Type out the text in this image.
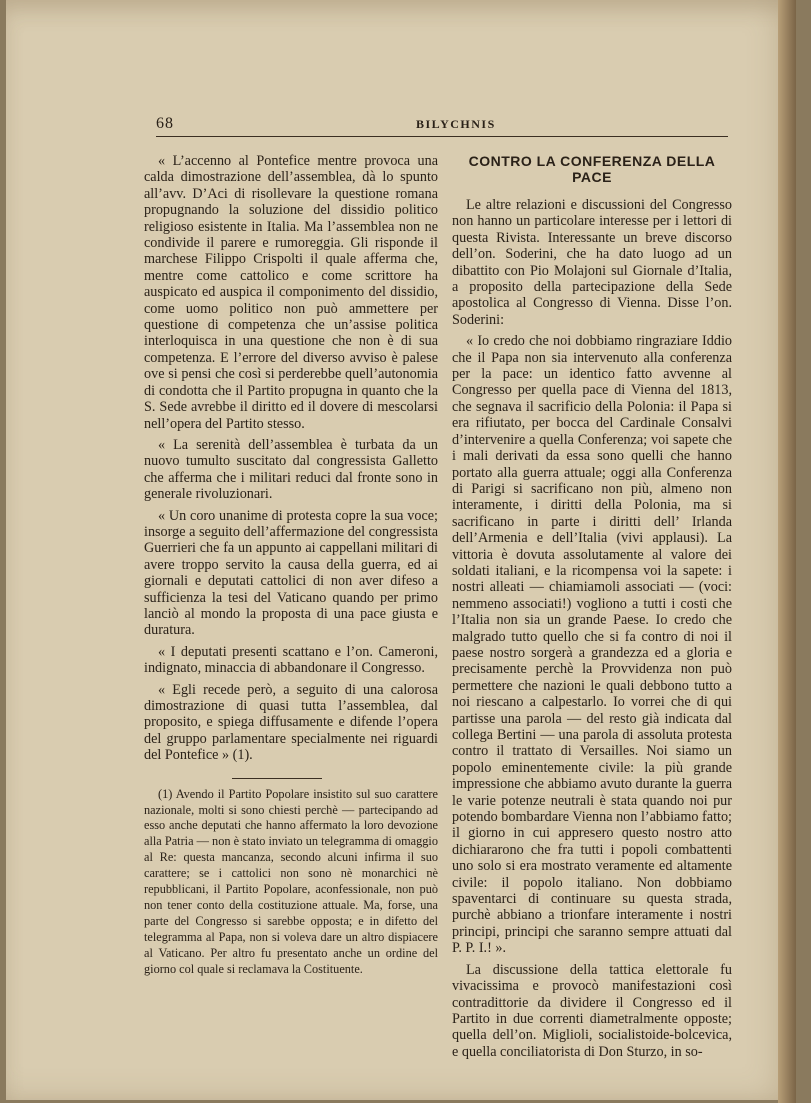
68	BILYCHNIS

« L’accenno al Pontefice mentre provoca una calda dimostrazione dell’assemblea, dà lo spunto all’avv. D’Aci di risollevare la questione romana propugnando la soluzione del dissidio politico religioso esistente in Italia. Ma l’assemblea non ne condivide il parere e rumoreggia. Gli risponde il marchese Filippo Crispolti il quale afferma che, mentre come cattolico e come scrittore ha auspicato ed auspica il componimento del dissidio, come uomo politico non può ammettere per questione di competenza che un’assise politica interloquisca in una questione che non è di sua competenza. E l’errore del diverso avviso è palese ove si pensi che così si perderebbe quell’autonomia di condotta che il Partito propugna in quanto che la S. Sede avrebbe il diritto ed il dovere di mescolarsi nell’opera del Partito stesso.

« La serenità dell’assemblea è turbata da un nuovo tumulto suscitato dal congressista Galletto che afferma che i militari reduci dal fronte sono in generale rivoluzionari.

« Un coro unanime di protesta copre la sua voce; insorge a seguito dell’affermazione del congressista Guerrieri che fa un appunto ai cappellani militari di avere troppo servito la causa della guerra, ed ai giornali e deputati cattolici di non aver difeso a sufficienza la tesi del Vaticano quando per primo lanciò al mondo la proposta di una pace giusta e duratura.

« I deputati presenti scattano e l’on. Cameroni, indignato, minaccia di abbandonare il Congresso.

« Egli recede però, a seguito di una calorosa dimostrazione di quasi tutta l’assemblea, dal proposito, e spiega diffusamente e difende l’opera del gruppo parlamentare specialmente nei riguardi del Pontefice » (1).

(1) Avendo il Partito Popolare insistito sul suo carattere nazionale, molti si sono chiesti perchè — partecipando ad esso anche deputati che hanno affermato la loro devozione alla Patria — non è stato inviato un telegramma di omaggio al Re: questa mancanza, secondo alcuni infirma il suo carattere; se i cattolici non sono nè monarchici nè repubblicani, il Partito Popolare, aconfessionale, non può non tener conto della costituzione attuale. Ma, forse, una parte del Congresso si sarebbe opposta; e in difetto del telegramma al Papa, non si voleva dare un altro dispiacere al Vaticano. Per altro fu presentato anche un ordine del giorno col quale si reclamava la Costituente.

CONTRO LA CONFERENZA DELLA PACE

Le altre relazioni e discussioni del Congresso non hanno un particolare interesse per i lettori di questa Rivista. Interessante un breve discorso dell’on. Soderini, che ha dato luogo ad un dibattito con Pio Molajoni sul Giornale d’Italia, a proposito della partecipazione della Sede apostolica al Congresso di Vienna. Disse l’on. Soderini:

« Io credo che noi dobbiamo ringraziare Iddio che il Papa non sia intervenuto alla conferenza per la pace: un identico fatto avvenne al Congresso per quella pace di Vienna del 1813, che segnava il sacrificio della Polonia: il Papa si era rifiutato, per bocca del Cardinale Consalvi d’intervenire a quella Conferenza; voi sapete che i mali derivati da essa sono quelli che hanno portato alla guerra attuale; oggi alla Conferenza di Parigi si sacrificano non più, almeno non interamente, i diritti della Polonia, ma si sacrificano in parte i diritti dell’ Irlanda dell’Armenia e dell’Italia (vivi applausi). La vittoria è dovuta assolutamente al valore dei soldati italiani, e la ricompensa voi la sapete: i nostri alleati — chiamiamoli associati — (voci: nemmeno associati!) vogliono a tutti i costi che l’Italia non sia un grande Paese. Io credo che malgrado tutto quello che si fa contro di noi il paese nostro sorgerà a grandezza ed a gloria e precisamente perchè la Provvidenza non può permettere che nazioni le quali debbono tutto a noi riescano a calpestarlo. Io vorrei che di qui partisse una parola — del resto già indicata dal collega Bertini — una parola di assoluta protesta contro il trattato di Versailles. Noi siamo un popolo eminentemente civile: la più grande impressione che abbiamo avuto durante la guerra le varie potenze neutrali è stata quando noi pur potendo bombardare Vienna non l’abbiamo fatto; il giorno in cui appresero questo nostro atto dichiararono che fra tutti i popoli combattenti uno solo si era mostrato veramente ed altamente civile: il popolo italiano. Non dobbiamo spaventarci di continuare su questa strada, purchè abbiano a trionfare interamente i nostri principi, principi che saranno sempre attuati dal P. P. I.! ».

La discussione della tattica elettorale fu vivacissima e provocò manifestazioni così contradittorie da dividere il Congresso ed il Partito in due correnti diametralmente opposte; quella dell’on. Miglioli, socialistoide-bolcevica, e quella conciliatorista di Don Sturzo, in so-
